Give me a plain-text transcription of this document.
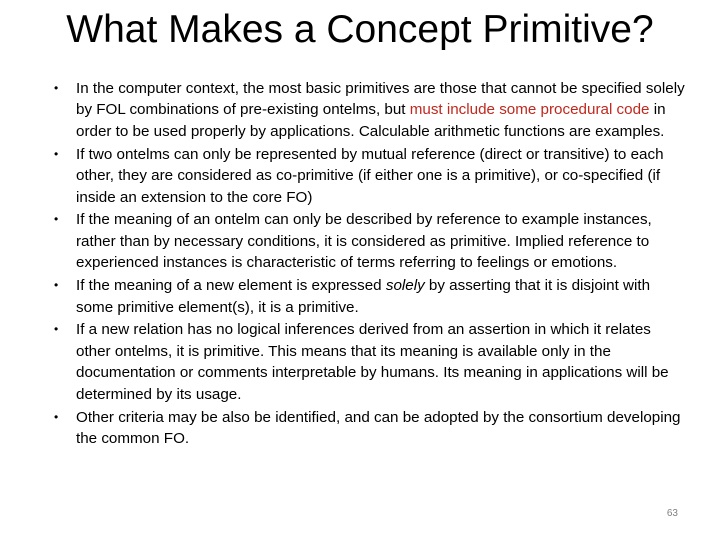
What Makes a Concept Primitive?
• In the computer context, the most basic primitives are those that cannot be specified solely by FOL combinations of pre-existing ontelms, but must include some procedural code in order to be used properly by applications. Calculable arithmetic functions are examples.
• If two ontelms can only be represented by mutual reference (direct or transitive) to each other, they are considered as co-primitive (if either one is a primitive), or co-specified (if inside an extension to the core FO)
• If the meaning of an ontelm can only be described by reference to example instances, rather than by necessary conditions, it is considered as primitive. Implied reference to experienced instances is characteristic of terms referring to feelings or emotions.
• If the meaning of a new element is expressed solely by asserting that it is disjoint with some primitive element(s), it is a primitive.
• If a new relation has no logical inferences derived from an assertion in which it relates other ontelms, it is primitive. This means that its meaning is available only in the documentation or comments interpretable by humans. Its meaning in applications will be determined by its usage.
• Other criteria may be also be identified, and can be adopted by the consortium developing the common FO.
63
